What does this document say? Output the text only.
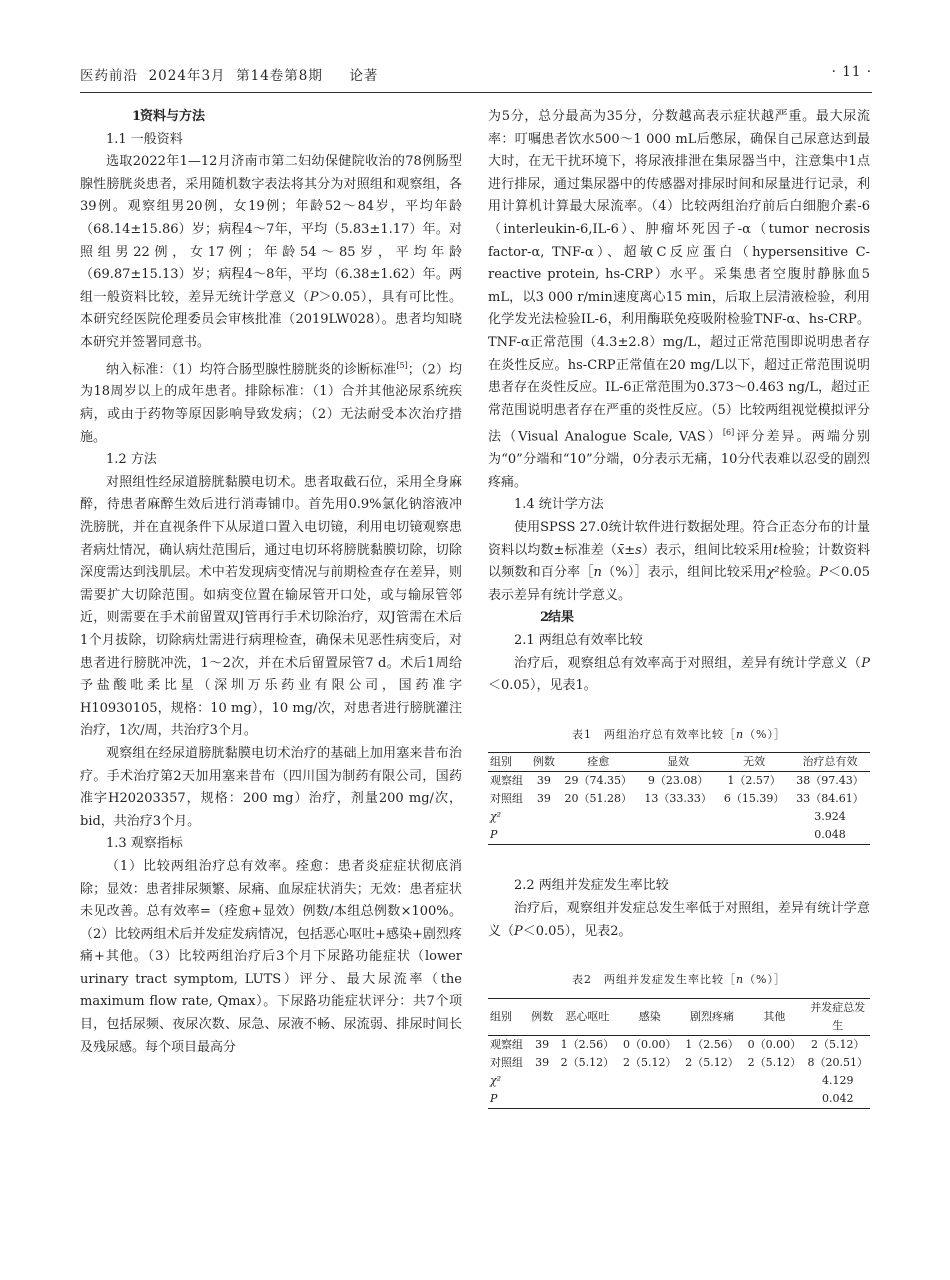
医药前沿  2024年3月  第14卷第8期     论著	· 11 ·

1资料与方法

1.1 一般资料

选取2022年1—12月济南市第二妇幼保健院收治的78例肠型腺性膀胱炎患者，采用随机数字表法将其分为对照组和观察组，各39例。观察组男20例，女19例；年龄52～84岁，平均年龄（68.14±15.86）岁；病程4～7年，平均（5.83±1.17）年。对照组男22例，女17例；年龄54～85岁，平均年龄（69.87±15.13）岁；病程4～8年，平均（6.38±1.62）年。两组一般资料比较，差异无统计学意义（P＞0.05），具有可比性。本研究经医院伦理委员会审核批准（2019LW028）。患者均知晓本研究并签署同意书。

纳入标准：（1）均符合肠型腺性膀胱炎的诊断标准[5]；（2）均为18周岁以上的成年患者。排除标准：（1）合并其他泌尿系统疾病，或由于药物等原因影响导致发病；（2）无法耐受本次治疗措施。

1.2 方法

对照组性经尿道膀胱黏膜电切术。患者取截石位，采用全身麻醉，待患者麻醉生效后进行消毒铺巾。首先用0.9%氯化钠溶液冲洗膀胱，并在直视条件下从尿道口置入电切镜，利用电切镜观察患者病灶情况，确认病灶范围后，通过电切环将膀胱黏膜切除，切除深度需达到浅肌层。术中若发现病变情况与前期检查存在差异，则需要扩大切除范围。如病变位置在输尿管开口处，或与输尿管邻近，则需要在手术前留置双J管再行手术切除治疗，双J管需在术后1个月拔除，切除病灶需进行病理检查，确保未见恶性病变后，对患者进行膀胱冲洗，1～2次，并在术后留置尿管7 d。术后1周给予盐酸吡柔比星（深圳万乐药业有限公司，国药准字H10930105，规格：10 mg），10 mg/次，对患者进行膀胱灌注治疗，1次/周，共治疗3个月。

观察组在经尿道膀胱黏膜电切术治疗的基础上加用塞来昔布治疗。手术治疗第2天加用塞来昔布（四川国为制药有限公司，国药准字H20203357，规格：200 mg）治疗，剂量200 mg/次，bid，共治疗3个月。

1.3 观察指标

（1）比较两组治疗总有效率。痊愈：患者炎症症状彻底消除；显效：患者排尿频繁、尿痛、血尿症状消失；无效：患者症状未见改善。总有效率=（痊愈+显效）例数/本组总例数×100%。（2）比较两组术后并发症发病情况，包括恶心呕吐+感染+剧烈疼痛+其他。（3）比较两组治疗后3个月下尿路功能症状（lower urinary tract symptom, LUTS）评分、最大尿流率（the maximum flow rate, Qmax）。下尿路功能症状评分：共7个项目，包括尿频、夜尿次数、尿急、尿液不畅、尿流弱、排尿时间长及残尿感。每个项目最高分

为5分，总分最高为35分，分数越高表示症状越严重。最大尿流率：叮嘱患者饮水500～1 000 mL后憋尿，确保自己尿意达到最大时，在无干扰环境下，将尿液排泄在集尿器当中，注意集中1点进行排尿，通过集尿器中的传感器对排尿时间和尿量进行记录，利用计算机计算最大尿流率。（4）比较两组治疗前后白细胞介素-6（interleukin-6,IL-6）、肿瘤坏死因子-α（tumor necrosis factor-α, TNF-α）、超敏C反应蛋白（hypersensitive C-reactive protein, hs-CRP）水平。采集患者空腹肘静脉血5 mL，以3 000 r/min速度离心15 min，后取上层清液检验，利用化学发光法检验IL-6，利用酶联免疫吸附检验TNF-α、hs-CRP。TNF-α正常范围（4.3±2.8）mg/L，超过正常范围即说明患者存在炎性反应。hs-CRP正常值在20 mg/L以下，超过正常范围说明患者存在炎性反应。IL-6正常范围为0.373～0.463 ng/L，超过正常范围说明患者存在严重的炎性反应。（5）比较两组视觉模拟评分法（Visual Analogue Scale, VAS）[6]评分差异。两端分别为“0”分端和“10”分端，0分表示无痛，10分代表难以忍受的剧烈疼痛。

1.4 统计学方法

使用SPSS 27.0统计软件进行数据处理。符合正态分布的计量资料以均数±标准差（x̄±s）表示，组间比较采用t检验；计数资料以频数和百分率［n（%）］表示，组间比较采用χ²检验。P＜0.05表示差异有统计学意义。

2结果

2.1 两组总有效率比较

治疗后，观察组总有效率高于对照组，差异有统计学意义（P＜0.05），见表1。

表1　两组治疗总有效率比较［n（%）］
组别	例数	痊愈	显效	无效	治疗总有效
观察组	39	29（74.35）	9（23.08）	1（2.57）	38（97.43）
对照组	39	20（51.28）	13（33.33）	6（15.39）	33（84.61）
χ²					3.924
P					0.048

2.2 两组并发症发生率比较

治疗后，观察组并发症总发生率低于对照组，差异有统计学意义（P＜0.05），见表2。

表2　两组并发症发生率比较［n（%）］
组别	例数	恶心呕吐	感染	剧烈疼痛	其他	并发症总发生
观察组	39	1（2.56）	0（0.00）	1（2.56）	0（0.00）	2（5.12）
对照组	39	2（5.12）	2（5.12）	2（5.12）	2（5.12）	8（20.51）
χ²						4.129
P						0.042
